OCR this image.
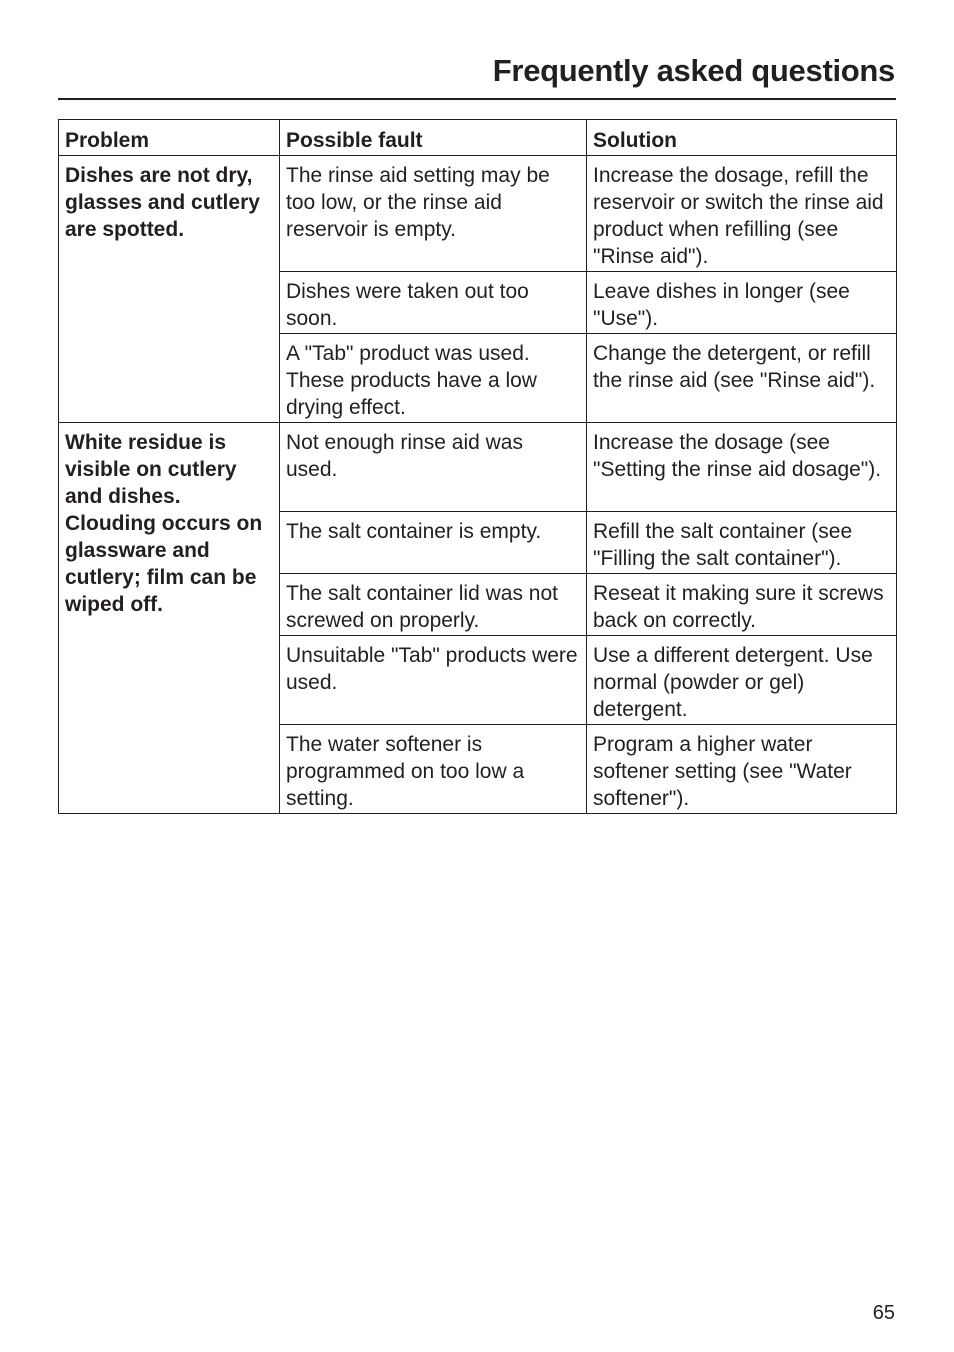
Frequently asked questions
Problem	Possible fault	Solution
Dishes are not dry, glasses and cutlery are spotted.	The rinse aid setting may be too low, or the rinse aid reservoir is empty.	Increase the dosage, refill the reservoir or switch the rinse aid product when refilling (see "Rinse aid").
	Dishes were taken out too soon.	Leave dishes in longer (see "Use").
	A "Tab" product was used. These products have a low drying effect.	Change the detergent, or refill the rinse aid (see "Rinse aid").
White residue is visible on cutlery and dishes. Clouding occurs on glassware and cutlery; film can be wiped off.	Not enough rinse aid was used.	Increase the dosage (see "Setting the rinse aid dosage").
	The salt container is empty.	Refill the salt container (see "Filling the salt container").
	The salt container lid was not screwed on properly.	Reseat it making sure it screws back on correctly.
	Unsuitable "Tab" products were used.	Use a different detergent. Use normal (powder or gel) detergent.
	The water softener is programmed on too low a setting.	Program a higher water softener setting (see "Water softener").
65
